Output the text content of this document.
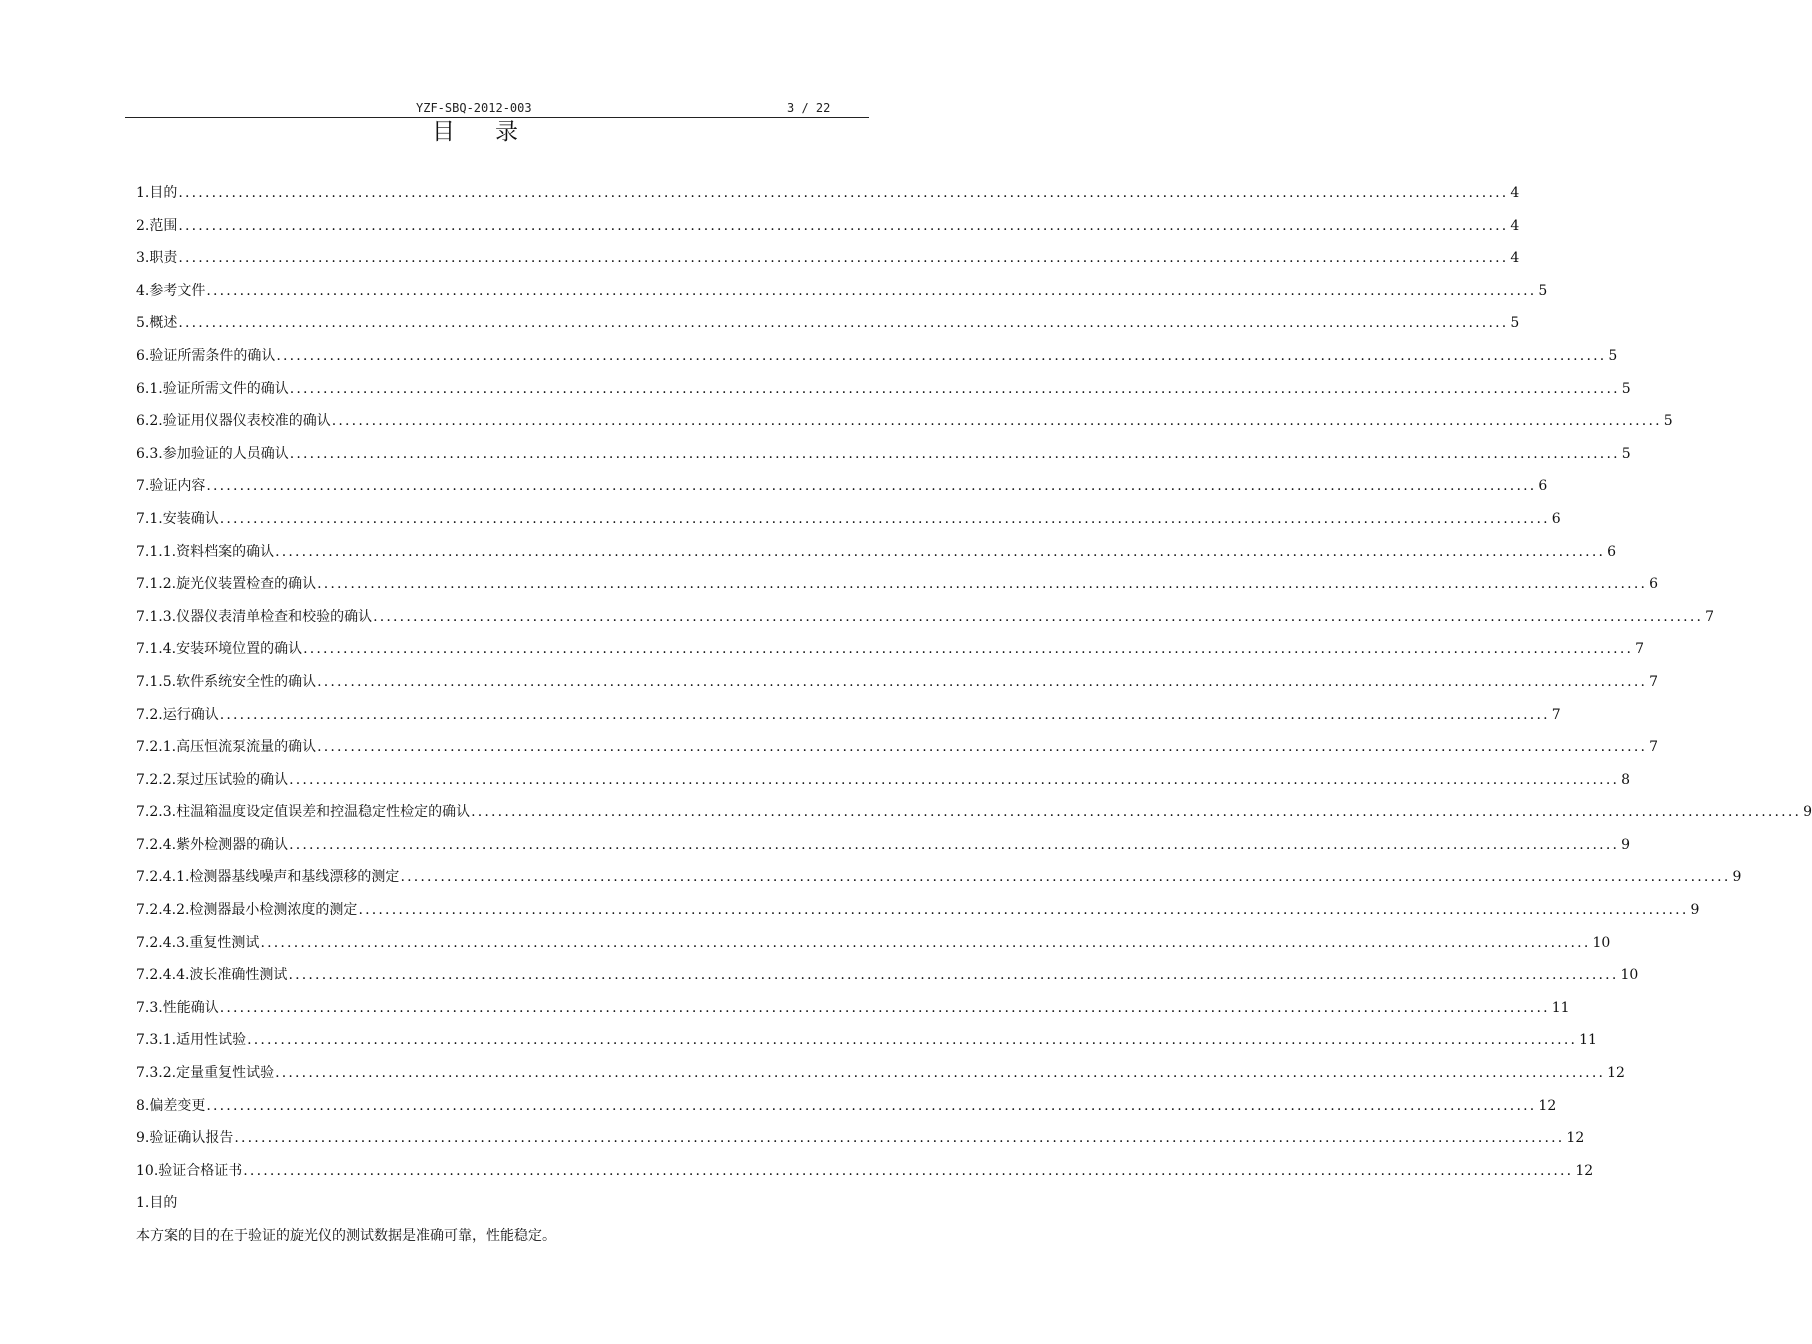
YZF-SBQ-2012-003	3 / 22
目录
1.目的 ........................................................................................................................................................................................................ 4
2.范围 ........................................................................................................................................................................................................ 4
3.职责 ........................................................................................................................................................................................................ 4
4.参考文件 ........................................................................................................................................................................................................ 5
5.概述 ........................................................................................................................................................................................................ 5
6.验证所需条件的确认 ........................................................................................................................................................................................................ 5
6.1.验证所需文件的确认 ........................................................................................................................................................................................................ 5
6.2.验证用仪器仪表校准的确认 ........................................................................................................................................................................................................ 5
6.3.参加验证的人员确认 ........................................................................................................................................................................................................ 5
7.验证内容 ........................................................................................................................................................................................................ 6
7.1.安装确认 ........................................................................................................................................................................................................ 6
7.1.1.资料档案的确认 ........................................................................................................................................................................................................ 6
7.1.2.旋光仪装置检查的确认 ........................................................................................................................................................................................................ 6
7.1.3.仪器仪表清单检查和校验的确认 ........................................................................................................................................................................................................ 7
7.1.4.安装环境位置的确认 ........................................................................................................................................................................................................ 7
7.1.5.软件系统安全性的确认 ........................................................................................................................................................................................................ 7
7.2.运行确认 ........................................................................................................................................................................................................ 7
7.2.1.高压恒流泵流量的确认 ........................................................................................................................................................................................................ 7
7.2.2.泵过压试验的确认 ........................................................................................................................................................................................................ 8
7.2.3.柱温箱温度设定值误差和控温稳定性检定的确认 ........................................................................................................................................................................................................ 9
7.2.4.紫外检测器的确认 ........................................................................................................................................................................................................ 9
7.2.4.1.检测器基线噪声和基线漂移的测定 ........................................................................................................................................................................................................ 9
7.2.4.2.检测器最小检测浓度的测定 ........................................................................................................................................................................................................ 9
7.2.4.3.重复性测试 ........................................................................................................................................................................................................ 10
7.2.4.4.波长准确性测试 ........................................................................................................................................................................................................ 10
7.3.性能确认 ........................................................................................................................................................................................................ 11
7.3.1.适用性试验 ........................................................................................................................................................................................................ 11
7.3.2.定量重复性试验 ........................................................................................................................................................................................................ 12
8.偏差变更 ........................................................................................................................................................................................................ 12
9.验证确认报告 ........................................................................................................................................................................................................ 12
10.验证合格证书 ........................................................................................................................................................................................................ 12
1.目的
本方案的目的在于验证的旋光仪的测试数据是准确可靠，性能稳定。
